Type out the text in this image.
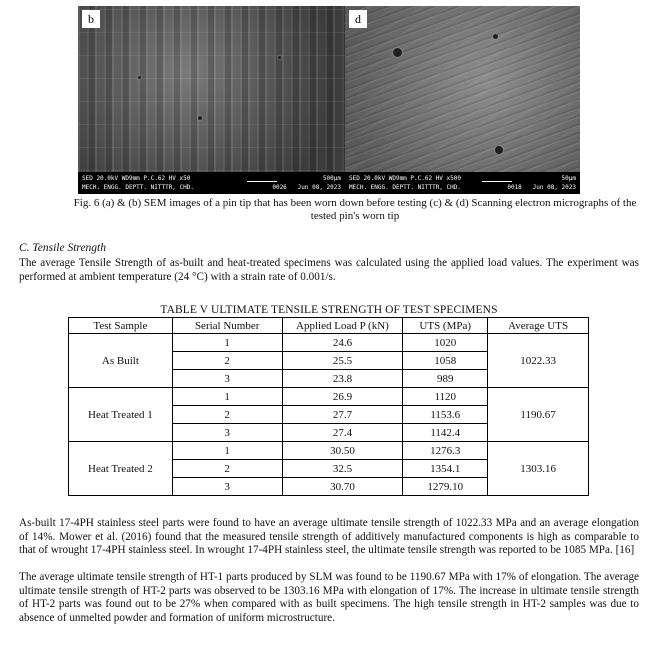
b
SED 20.0kV WD9mm P.C.62 HV x50
MECH. ENGG. DEPTT. NITTTR, CHD.
500µm
0026 Jun 08, 2023
d
SED 20.0kV WD9mm P.C.62 HV x500
MECH. ENGG. DEPTT. NITTTR, CHD.
50µm
0018 Jun 08, 2023
Fig. 6 (a) & (b) SEM images of a pin tip that has been worn down before testing (c) & (d) Scanning electron micrographs of the tested pin's worn tip
C. Tensile Strength
The average Tensile Strength of as-built and heat-treated specimens was calculated using the applied load values. The experiment was performed at ambient temperature (24 °C) with a strain rate of 0.001/s.
TABLE V ULTIMATE TENSILE STRENGTH OF TEST SPECIMENS
Test Sample	Serial Number	Applied Load P (kN)	UTS (MPa)	Average UTS
As Built	1	24.6	1020	1022.33
	2	25.5	1058	
	3	23.8	989	
Heat Treated 1	1	26.9	1120	1190.67
	2	27.7	1153.6	
	3	27.4	1142.4	
Heat Treated 2	1	30.50	1276.3	1303.16
	2	32.5	1354.1	
	3	30.70	1279.10	
As-built 17-4PH stainless steel parts were found to have an average ultimate tensile strength of 1022.33 MPa and an average elongation of 14%. Mower et al. (2016) found that the measured tensile strength of additively manufactured components is high as comparable to that of wrought 17-4PH stainless steel. In wrought 17-4PH stainless steel, the ultimate tensile strength was reported to be 1085 MPa. [16]
The average ultimate tensile strength of HT-1 parts produced by SLM was found to be 1190.67 MPa with 17% of elongation. The average ultimate tensile strength of HT-2 parts was observed to be 1303.16 MPa with elongation of 17%. The increase in ultimate tensile strength of HT-2 parts was found out to be 27% when compared with as built specimens. The high tensile strength in HT-2 samples was due to absence of unmelted powder and formation of uniform microstructure.
